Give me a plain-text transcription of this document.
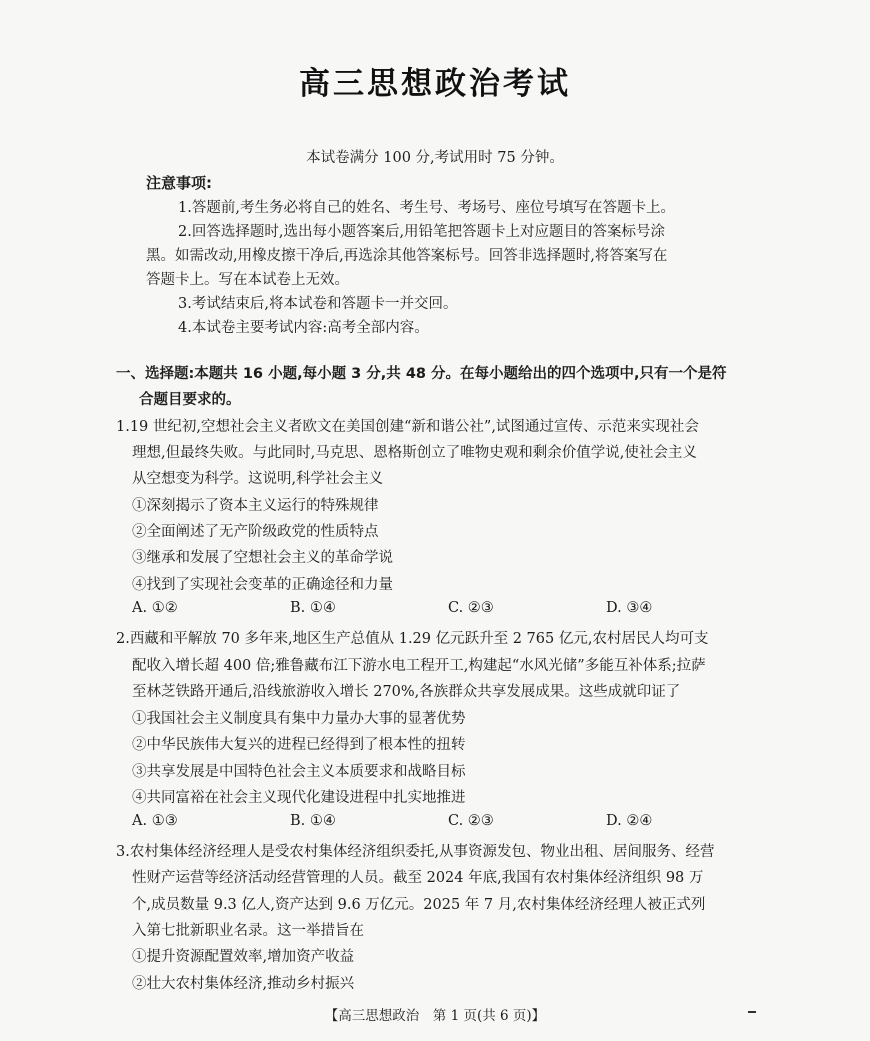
高三思想政治考试
本试卷满分 100 分,考试用时 75 分钟。
注意事项:
1.答题前,考生务必将自己的姓名、考生号、考场号、座位号填写在答题卡上。
2.回答选择题时,选出每小题答案后,用铅笔把答题卡上对应题目的答案标号涂
黑。如需改动,用橡皮擦干净后,再选涂其他答案标号。回答非选择题时,将答案写在
答题卡上。写在本试卷上无效。
3.考试结束后,将本试卷和答题卡一并交回。
4.本试卷主要考试内容:高考全部内容。
一、选择题:本题共 16 小题,每小题 3 分,共 48 分。在每小题给出的四个选项中,只有一个是符
合题目要求的。
1.19 世纪初,空想社会主义者欧文在美国创建“新和谐公社”,试图通过宣传、示范来实现社会
理想,但最终失败。与此同时,马克思、恩格斯创立了唯物史观和剩余价值学说,使社会主义
从空想变为科学。这说明,科学社会主义
①深刻揭示了资本主义运行的特殊规律
②全面阐述了无产阶级政党的性质特点
③继承和发展了空想社会主义的革命学说
④找到了实现社会变革的正确途径和力量
A. ①②	B. ①④	C. ②③	D. ③④
2.西藏和平解放 70 多年来,地区生产总值从 1.29 亿元跃升至 2 765 亿元,农村居民人均可支
配收入增长超 400 倍;雅鲁藏布江下游水电工程开工,构建起“水风光储”多能互补体系;拉萨
至林芝铁路开通后,沿线旅游收入增长 270%,各族群众共享发展成果。这些成就印证了
①我国社会主义制度具有集中力量办大事的显著优势
②中华民族伟大复兴的进程已经得到了根本性的扭转
③共享发展是中国特色社会主义本质要求和战略目标
④共同富裕在社会主义现代化建设进程中扎实地推进
A. ①③	B. ①④	C. ②③	D. ②④
3.农村集体经济经理人是受农村集体经济组织委托,从事资源发包、物业出租、居间服务、经营
性财产运营等经济活动经营管理的人员。截至 2024 年底,我国有农村集体经济组织 98 万
个,成员数量 9.3 亿人,资产达到 9.6 万亿元。2025 年 7 月,农村集体经济经理人被正式列
入第七批新职业名录。这一举措旨在
①提升资源配置效率,增加资产收益
②壮大农村集体经济,推动乡村振兴
【高三思想政治　第 1 页(共 6 页)】
